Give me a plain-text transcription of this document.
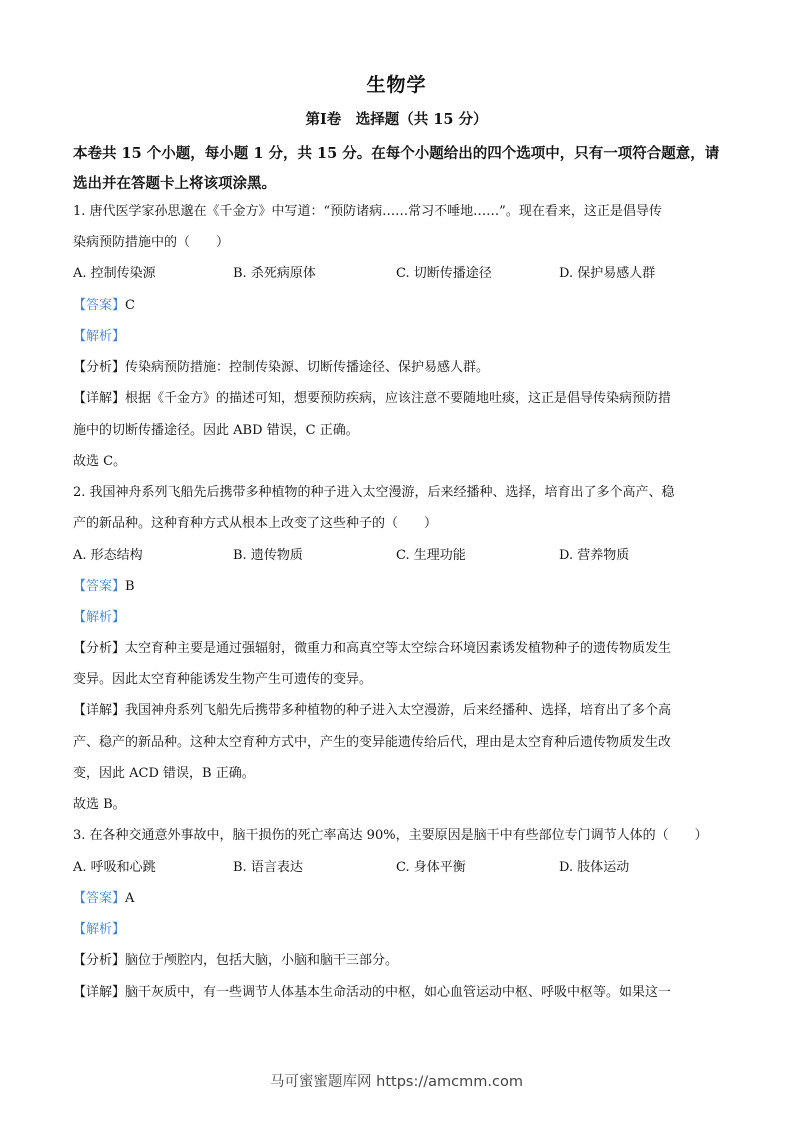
生物学
第Ⅰ卷　选择题（共 15 分）
本卷共 15 个小题，每小题 1 分，共 15 分。在每个小题给出的四个选项中，只有一项符合题意，请选出并在答题卡上将该项涂黑。
1. 唐代医学家孙思邈在《千金方》中写道：“预防诸病……常习不唾地……”。现在看来，这正是倡导传
染病预防措施中的（　　）
A. 控制传染源	B. 杀死病原体	C. 切断传播途径	D. 保护易感人群
【答案】C
【解析】
【分析】传染病预防措施：控制传染源、切断传播途径、保护易感人群。
【详解】根据《千金方》的描述可知，想要预防疾病，应该注意不要随地吐痰，这正是倡导传染病预防措
施中的切断传播途径。因此 ABD 错误，C 正确。
故选 C。
2. 我国神舟系列飞船先后携带多种植物的种子进入太空漫游，后来经播种、选择，培育出了多个高产、稳
产的新品种。这种育种方式从根本上改变了这些种子的（　　）
A. 形态结构	B. 遗传物质	C. 生理功能	D. 营养物质
【答案】B
【解析】
【分析】太空育种主要是通过强辐射，微重力和高真空等太空综合环境因素诱发植物种子的遗传物质发生
变异。因此太空育种能诱发生物产生可遗传的变异。
【详解】我国神舟系列飞船先后携带多种植物的种子进入太空漫游，后来经播种、选择，培育出了多个高
产、稳产的新品种。这种太空育种方式中，产生的变异能遗传给后代，理由是太空育种后遗传物质发生改
变，因此 ACD 错误，B 正确。
故选 B。
3. 在各种交通意外事故中，脑干损伤的死亡率高达 90%，主要原因是脑干中有些部位专门调节人体的（　　）
A. 呼吸和心跳	B. 语言表达	C. 身体平衡	D. 肢体运动
【答案】A
【解析】
【分析】脑位于颅腔内，包括大脑，小脑和脑干三部分。
【详解】脑干灰质中，有一些调节人体基本生命活动的中枢，如心血管运动中枢、呼吸中枢等。如果这一
马可蜜蜜题库网 https://amcmm.com
